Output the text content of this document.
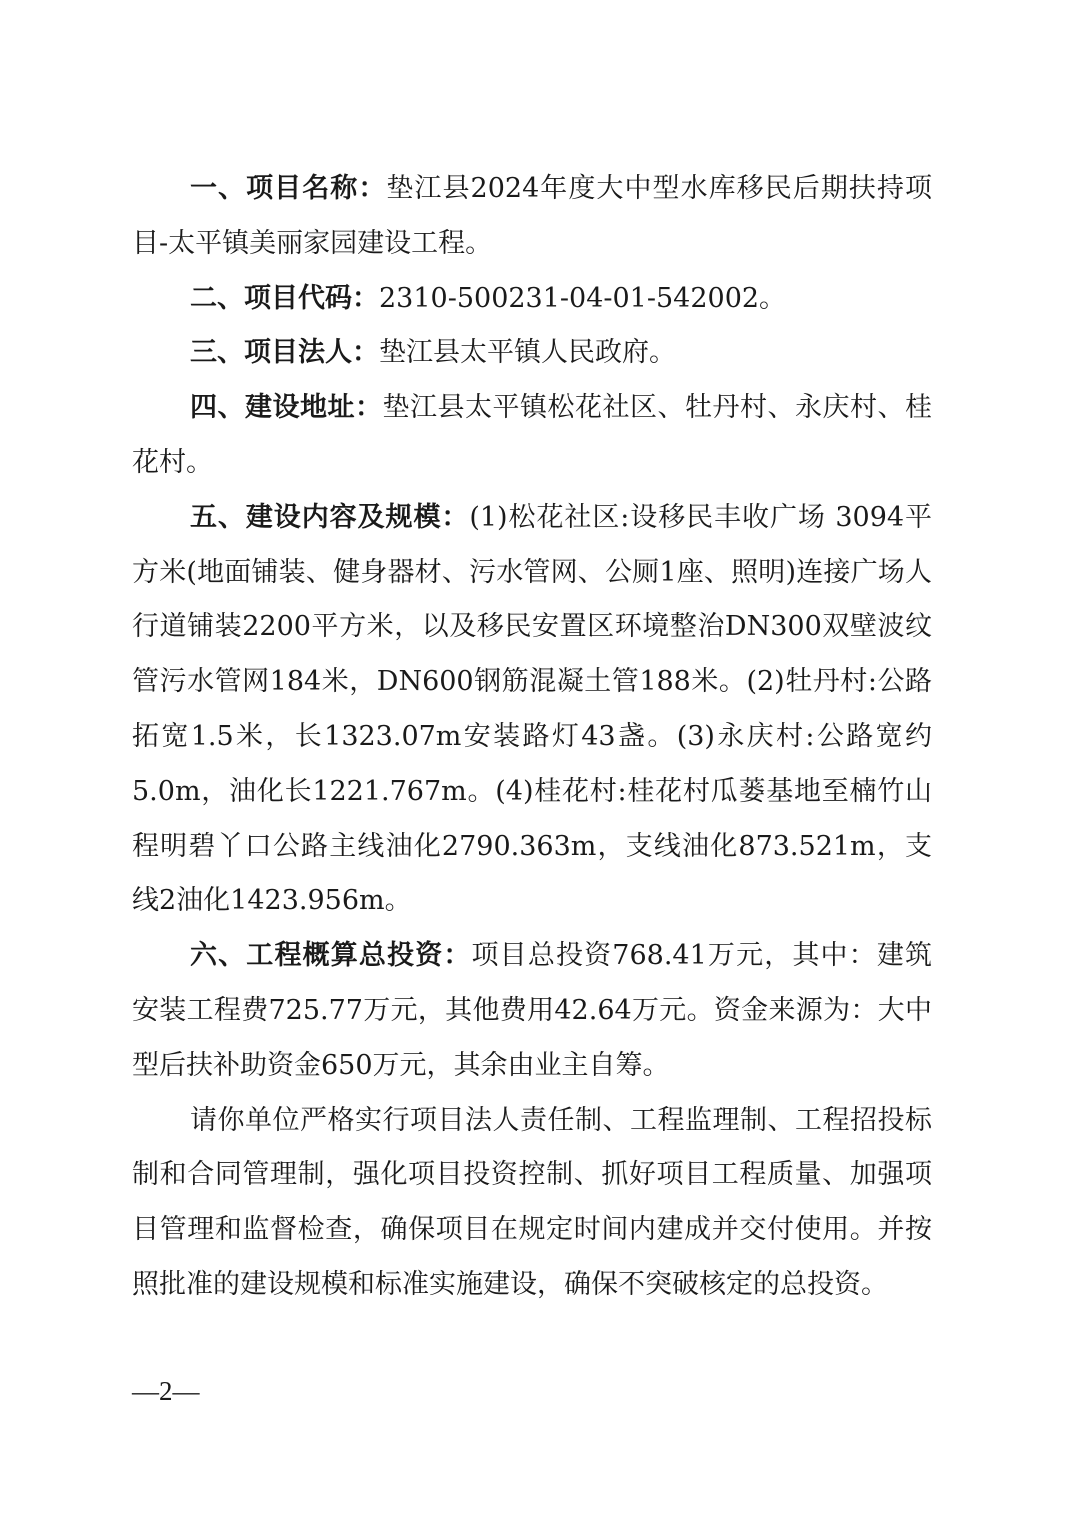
一、项目名称：垫江县2024年度大中型水库移民后期扶持项目-太平镇美丽家园建设工程。

二、项目代码：2310-500231-04-01-542002。

三、项目法人：垫江县太平镇人民政府。

四、建设地址：垫江县太平镇松花社区、牡丹村、永庆村、桂花村。

五、建设内容及规模：(1)松花社区:设移民丰收广场 3094平方米(地面铺装、健身器材、污水管网、公厕1座、照明)连接广场人行道铺装2200平方米，以及移民安置区环境整治DN300双壁波纹管污水管网184米，DN600钢筋混凝土管188米。(2)牡丹村:公路拓宽1.5米，长1323.07m安装路灯43盏。(3)永庆村:公路宽约5.0m，油化长1221.767m。(4)桂花村:桂花村瓜蒌基地至楠竹山程明碧丫口公路主线油化2790.363m，支线油化873.521m，支线2油化1423.956m。

六、工程概算总投资：项目总投资768.41万元，其中：建筑安装工程费725.77万元，其他费用42.64万元。资金来源为：大中型后扶补助资金650万元，其余由业主自筹。

请你单位严格实行项目法人责任制、工程监理制、工程招投标制和合同管理制，强化项目投资控制、抓好项目工程质量、加强项目管理和监督检查，确保项目在规定时间内建成并交付使用。并按照批准的建设规模和标准实施建设，确保不突破核定的总投资。

—2—
